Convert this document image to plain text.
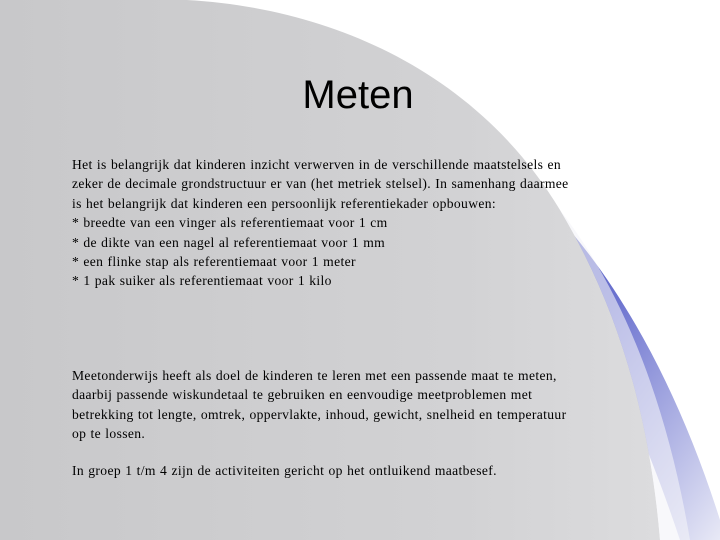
Meten

Het is belangrijk dat kinderen inzicht verwerven in de verschillende maatstelsels en

zeker de decimale grondstructuur er van (het metriek stelsel). In samenhang daarmee

is het belangrijk dat kinderen een persoonlijk referentiekader opbouwen:

* breedte van een vinger als referentiemaat voor 1 cm

* de dikte van een nagel al referentiemaat voor 1 mm

* een flinke stap als referentiemaat voor 1 meter

* 1 pak suiker als referentiemaat voor 1 kilo

Meetonderwijs heeft als doel de kinderen te leren met een passende maat te meten,

daarbij passende wiskundetaal te gebruiken en eenvoudige meetproblemen met

betrekking tot lengte, omtrek, oppervlakte, inhoud, gewicht, snelheid en temperatuur

op te lossen.

In groep 1 t/m 4 zijn de activiteiten gericht op het ontluikend maatbesef.
